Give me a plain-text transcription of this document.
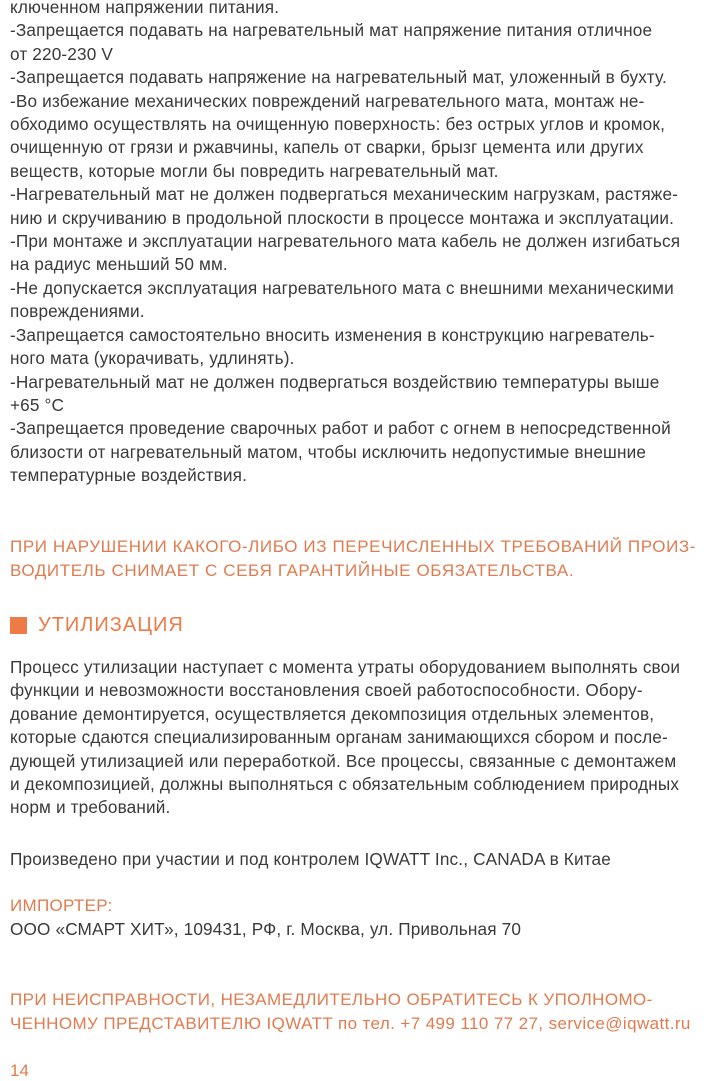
ключенном напряжении питания.
-Запрещается подавать на нагревательный мат напряжение питания отличное
от 220-230 V
-Запрещается подавать напряжение на нагревательный мат, уложенный в бухту.
-Во избежание механических повреждений нагревательного мата, монтаж не-
обходимо осуществлять на очищенную поверхность: без острых углов и кромок,
очищенную от грязи и ржавчины, капель от сварки, брызг цемента или других
веществ, которые могли бы повредить нагревательный мат.
-Нагревательный мат не должен подвергаться механическим нагрузкам, растяже-
нию и скручиванию в продольной плоскости в процессе монтажа и эксплуатации.
-При монтаже и эксплуатации нагревательного мата кабель не должен изгибаться
на радиус меньший 50 мм.
-Не допускается эксплуатация нагревательного мата с внешними механическими
повреждениями.
-Запрещается самостоятельно вносить изменения в конструкцию нагреватель-
ного мата (укорачивать, удлинять).
-Нагревательный мат не должен подвергаться воздействию температуры выше
+65 °С
-Запрещается проведение сварочных работ и работ с огнем в непосредственной
близости от нагревательный матом, чтобы исключить недопустимые внешние
температурные воздействия.
ПРИ НАРУШЕНИИ КАКОГО-ЛИБО ИЗ ПЕРЕЧИСЛЕННЫХ ТРЕБОВАНИЙ ПРОИЗ-
ВОДИТЕЛЬ СНИМАЕТ С СЕБЯ ГАРАНТИЙНЫЕ ОБЯЗАТЕЛЬСТВА.
УТИЛИЗАЦИЯ
Процесс утилизации наступает с момента утраты оборудованием выполнять свои
функции и невозможности восстановления своей работоспособности. Обору-
дование демонтируется, осуществляется декомпозиция отдельных элементов,
которые сдаются специализированным органам занимающихся сбором и после-
дующей утилизацией или переработкой. Все процессы, связанные с демонтажем
и декомпозицией, должны выполняться с обязательным соблюдением природных
норм и требований.
Произведено при участии и под контролем IQWATT Inc., CANADA в Китае
ИМПОРТЕР:
ООО «СМАРТ ХИТ», 109431, РФ, г. Москва, ул. Привольная 70
ПРИ НЕИСПРАВНОСТИ, НЕЗАМЕДЛИТЕЛЬНО ОБРАТИТЕСЬ К УПОЛНОМО-
ЧЕННОМУ ПРЕДСТАВИТЕЛЮ IQWATT по тел. +7 499 110 77 27, service@iqwatt.ru
14
